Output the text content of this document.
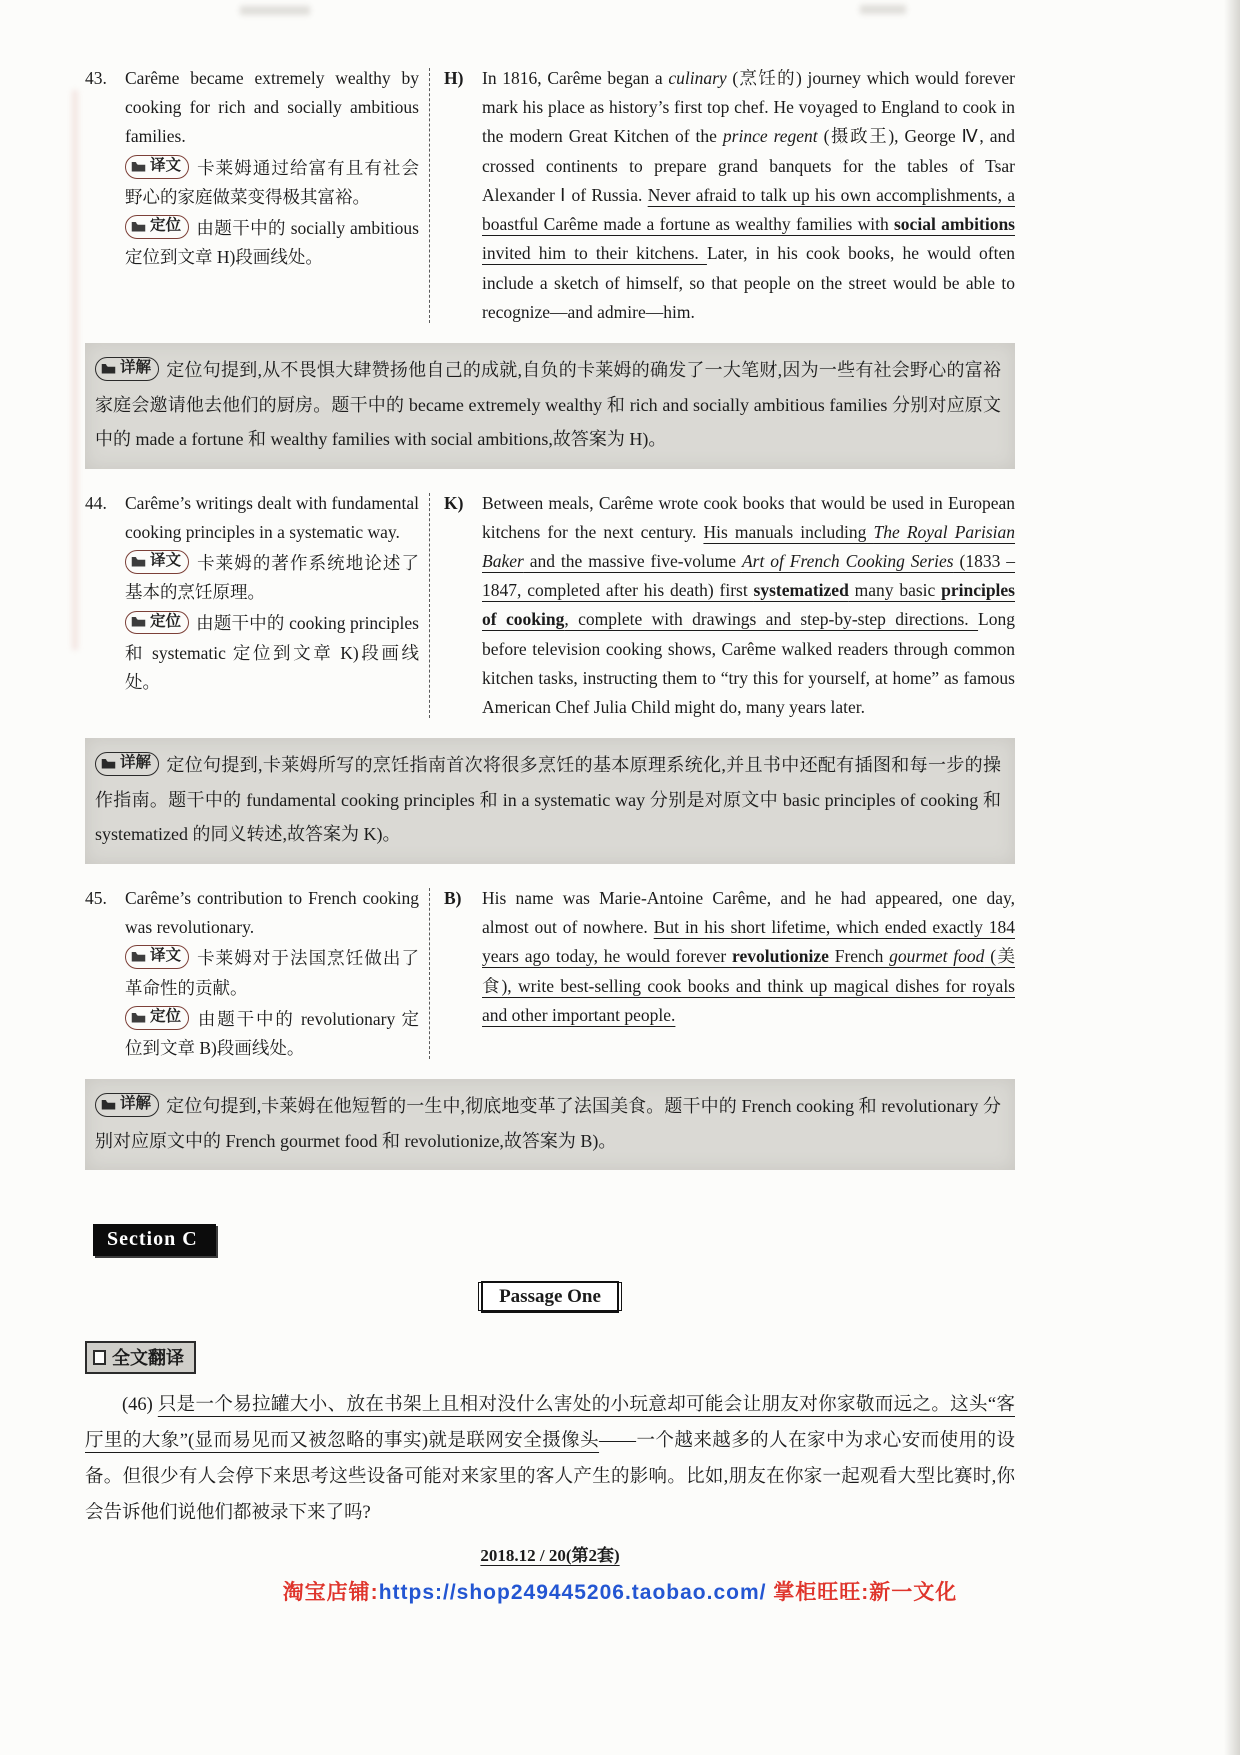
43.	Carême became extremely wealthy by cooking for rich and socially ambitious families.

译文 卡莱姆通过给富有且有社会野心的家庭做菜变得极其富裕。

定位 由题干中的 socially ambitious 定位到文章 H)段画线处。

H)	In 1816, Carême began a culinary (烹饪的) journey which would forever mark his place as history’s first top chef. He voyaged to England to cook in the modern Great Kitchen of the prince regent (摄政王), George Ⅳ, and crossed continents to prepare grand banquets for the tables of Tsar Alexander Ⅰ of Russia. Never afraid to talk up his own accomplishments, a boastful Carême made a fortune as wealthy families with social ambitions invited him to their kitchens. Later, in his cook books, he would often include a sketch of himself, so that people on the street would be able to recognize—and admire—him.

详解 定位句提到,从不畏惧大肆赞扬他自己的成就,自负的卡莱姆的确发了一大笔财,因为一些有社会野心的富裕家庭会邀请他去他们的厨房。题干中的 became extremely wealthy 和 rich and socially ambitious families 分别对应原文中的 made a fortune 和 wealthy families with social ambitions,故答案为 H)。
44.	Carême’s writings dealt with fundamental cooking principles in a systematic way.

译文 卡莱姆的著作系统地论述了基本的烹饪原理。

定位 由题干中的 cooking principles 和 systematic 定位到文章 K)段画线处。

K)	Between meals, Carême wrote cook books that would be used in European kitchens for the next century. His manuals including The Royal Parisian Baker and the massive five-volume Art of French Cooking Series (1833 – 1847, completed after his death) first systematized many basic principles of cooking, complete with drawings and step-by-step directions. Long before television cooking shows, Carême walked readers through common kitchen tasks, instructing them to “try this for yourself, at home” as famous American Chef Julia Child might do, many years later.

详解 定位句提到,卡莱姆所写的烹饪指南首次将很多烹饪的基本原理系统化,并且书中还配有插图和每一步的操作指南。题干中的 fundamental cooking principles 和 in a systematic way 分别是对原文中 basic principles of cooking 和 systematized 的同义转述,故答案为 K)。
45.	Carême’s contribution to French cooking was revolutionary.

译文 卡莱姆对于法国烹饪做出了革命性的贡献。

定位 由题干中的 revolutionary 定位到文章 B)段画线处。

B)	His name was Marie-Antoine Carême, and he had appeared, one day, almost out of nowhere. But in his short lifetime, which ended exactly 184 years ago today, he would forever revolutionize French gourmet food (美食), write best-selling cook books and think up magical dishes for royals and other important people.

详解 定位句提到,卡莱姆在他短暂的一生中,彻底地变革了法国美食。题干中的 French cooking 和 revolutionary 分别对应原文中的 French gourmet food 和 revolutionize,故答案为 B)。
Section C
Passage One
全文翻译

(46) 只是一个易拉罐大小、放在书架上且相对没什么害处的小玩意却可能会让朋友对你家敬而远之。这头“客厅里的大象”(显而易见而又被忽略的事实)就是联网安全摄像头——一个越来越多的人在家中为求心安而使用的设备。但很少有人会停下来思考这些设备可能对来家里的客人产生的影响。比如,朋友在你家一起观看大型比赛时,你会告诉他们说他们都被录下来了吗?

2018.12 / 20(第2套)
淘宝店铺:https://shop249445206.taobao.com/ 掌柜旺旺:新一文化
